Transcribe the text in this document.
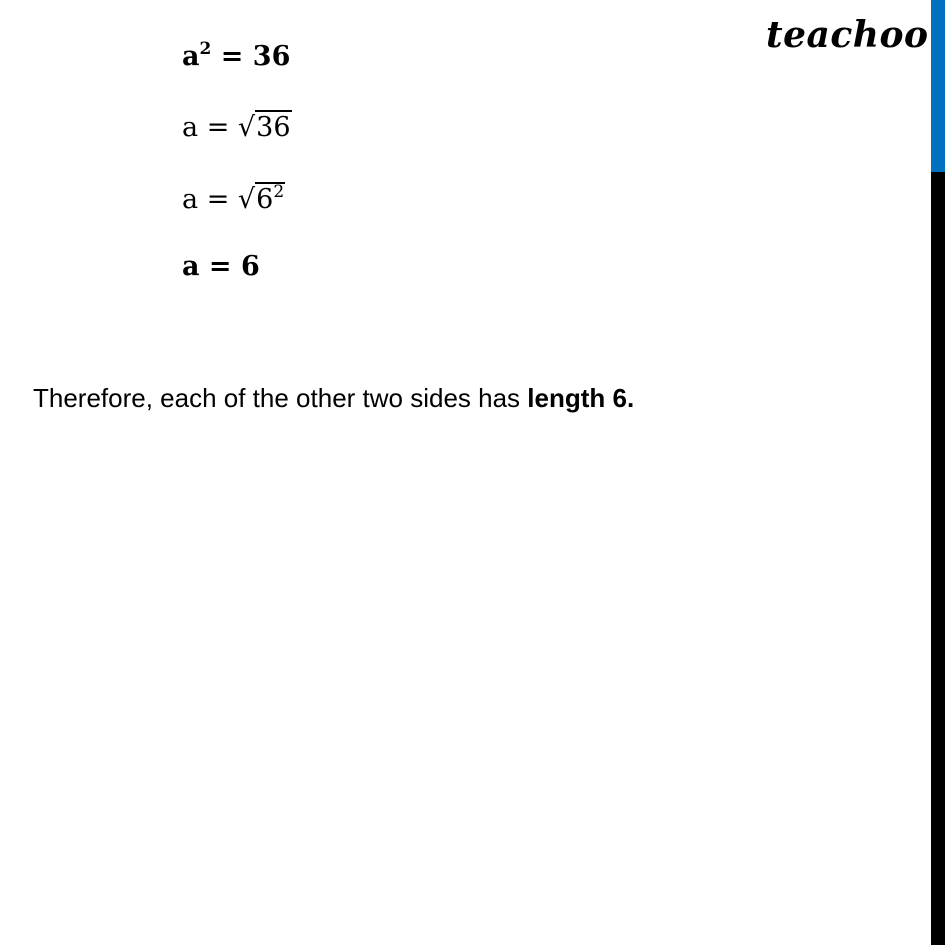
teachoo
$a^2 = 36$
a = √36
$a = √6^2$
a = 6
Therefore, each of the other two sides has length 6.
